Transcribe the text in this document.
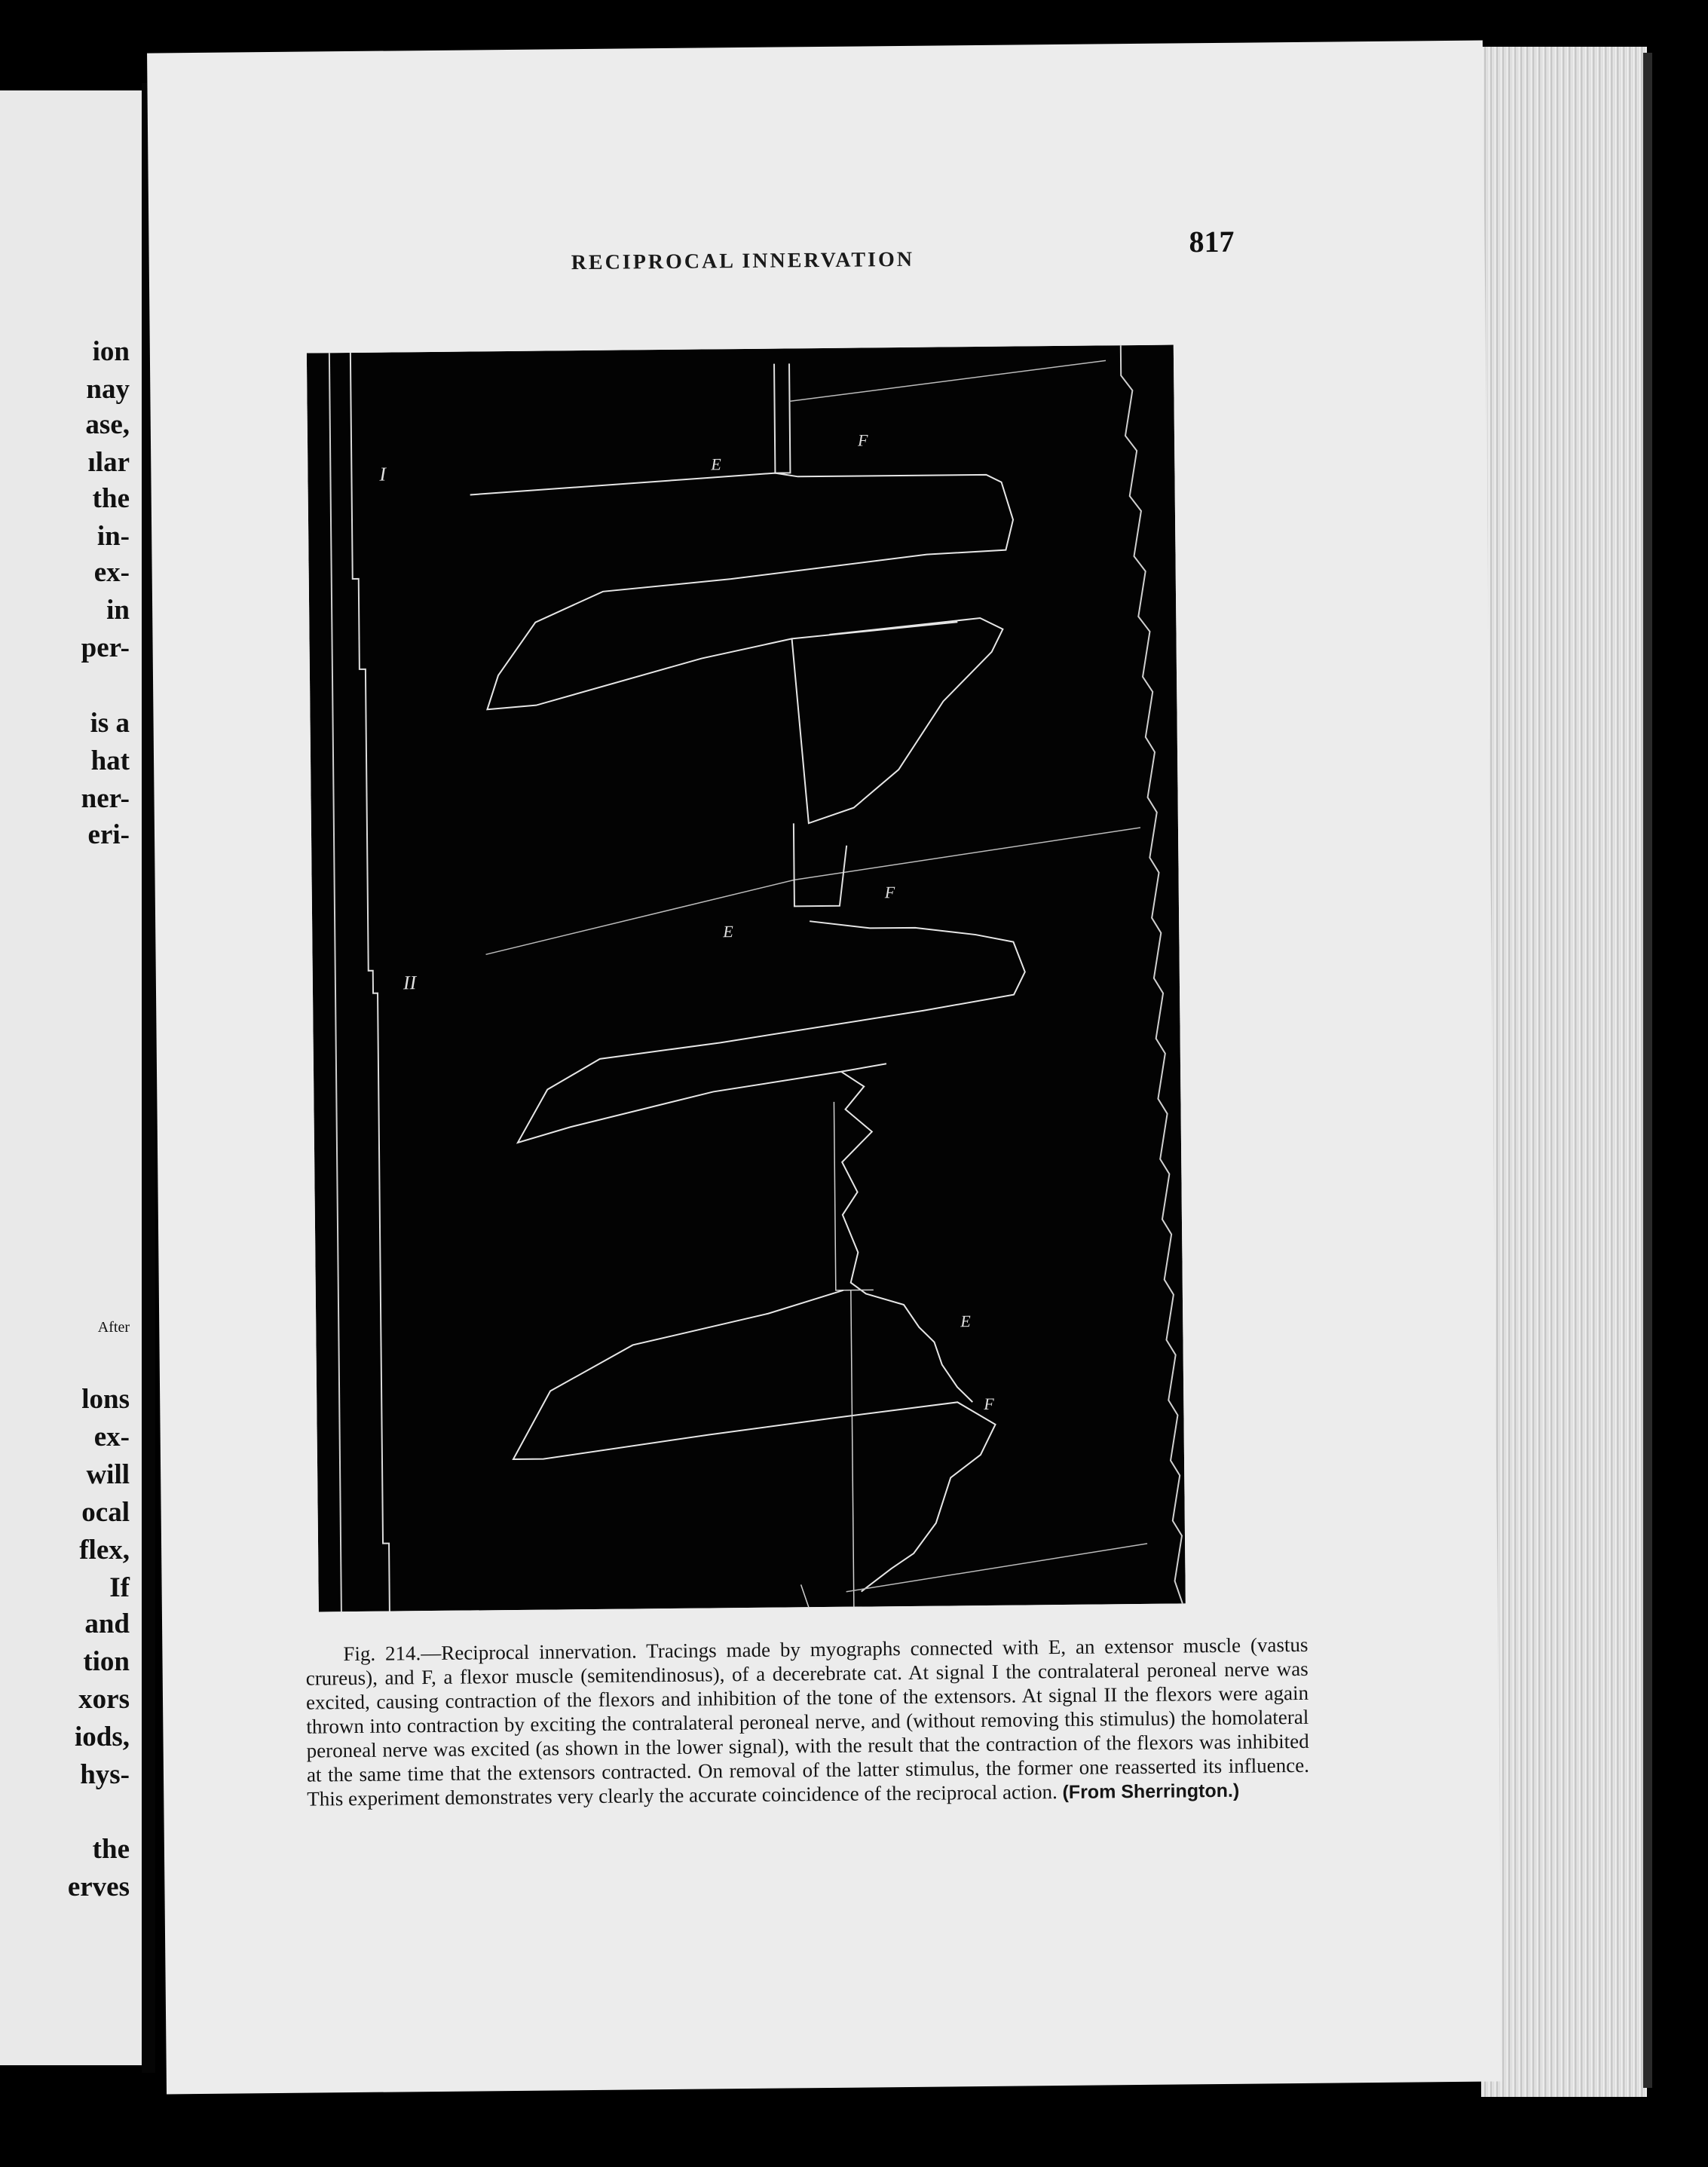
ion
nay
ase,
ılar
the
in-
ex-
in
per-
is a
hat
ner-
eri-
After
lons
ex-
will
ocal
flex,
If
and
tion
xors
iods,
hys-
the
erves
RECIPROCAL INNERVATION
817
I
II
F
E
F
E
F
E

Fig. 214.—Reciprocal innervation. Tracings made by myographs connected with E, an extensor muscle (vastus crureus), and F, a flexor muscle (semitendinosus), of a decerebrate cat. At signal I the contralateral peroneal nerve was excited, causing contraction of the flexors and inhibition of the tone of the extensors. At signal II the flexors were again thrown into contraction by exciting the contralateral peroneal nerve, and (without removing this stimulus) the homolateral peroneal nerve was excited (as shown in the lower signal), with the result that the contraction of the flexors was inhibited at the same time that the extensors contracted. On removal of the latter stimulus, the former one reasserted its influence. This experiment demonstrates very clearly the accurate coincidence of the reciprocal action. (From Sherrington.)
